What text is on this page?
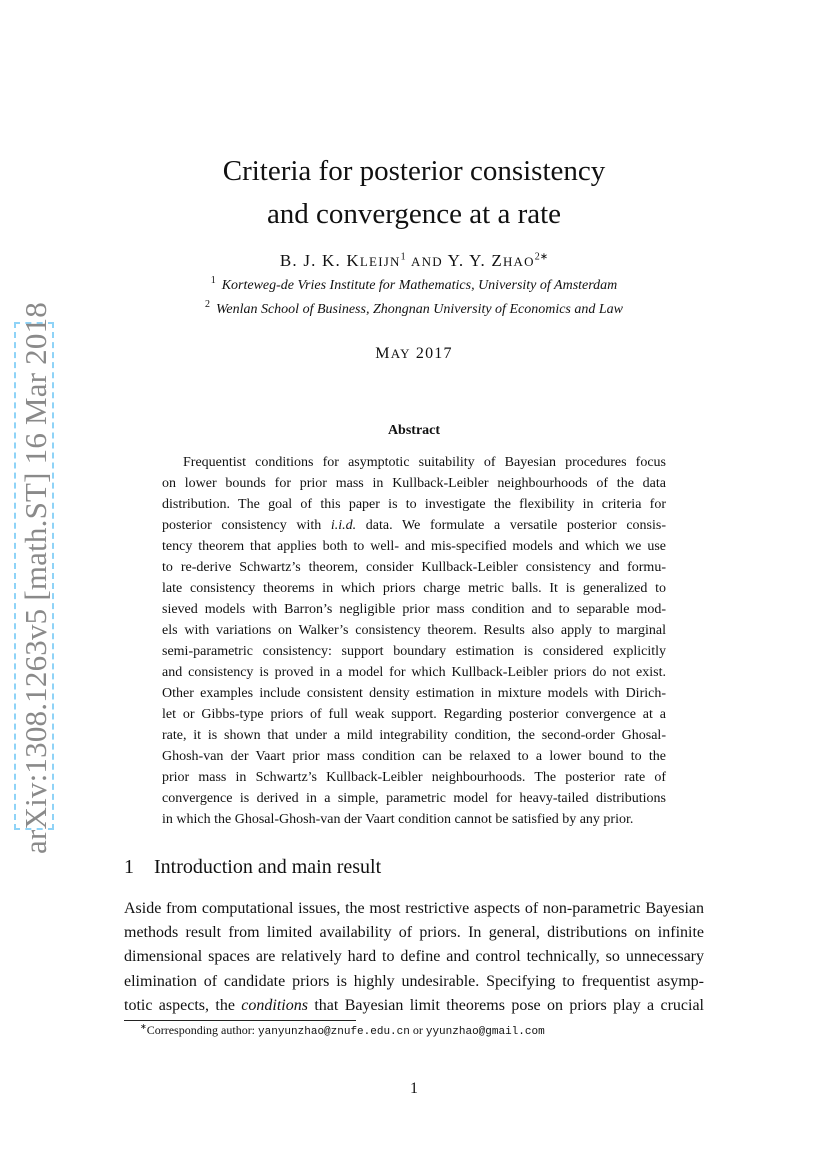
arXiv:1308.1263v5 [math.ST] 16 Mar 2018
Criteria for posterior consistency
and convergence at a rate
B. J. K. KLEIJN$^1$ AND Y. Y. $ZHAO^{2∗}$
$^1$ Korteweg-de Vries Institute for Mathematics, University of Amsterdam
$^2$ Wenlan School of Business, Zhongnan University of Economics and Law
MAY 2017
Abstract
Frequentist conditions for asymptotic suitability of Bayesian procedures focus
on lower bounds for prior mass in Kullback-Leibler neighbourhoods of the data
distribution. The goal of this paper is to investigate the flexibility in criteria for
posterior consistency with i.i.d. data. We formulate a versatile posterior consis-
tency theorem that applies both to well- and mis-specified models and which we use
to re-derive Schwartz’s theorem, consider Kullback-Leibler consistency and formu-
late consistency theorems in which priors charge metric balls. It is generalized to
sieved models with Barron’s negligible prior mass condition and to separable mod-
els with variations on Walker’s consistency theorem. Results also apply to marginal
semi-parametric consistency: support boundary estimation is considered explicitly
and consistency is proved in a model for which Kullback-Leibler priors do not exist.
Other examples include consistent density estimation in mixture models with Dirich-
let or Gibbs-type priors of full weak support. Regarding posterior convergence at a
rate, it is shown that under a mild integrability condition, the second-order Ghosal-
Ghosh-van der Vaart prior mass condition can be relaxed to a lower bound to the
prior mass in Schwartz’s Kullback-Leibler neighbourhoods. The posterior rate of
convergence is derived in a simple, parametric model for heavy-tailed distributions
in which the Ghosal-Ghosh-van der Vaart condition cannot be satisfied by any prior.
1 Introduction and main result
Aside from computational issues, the most restrictive aspects of non-parametric Bayesian
methods result from limited availability of priors. In general, distributions on infinite
dimensional spaces are relatively hard to define and control technically, so unnecessary
elimination of candidate priors is highly undesirable. Specifying to frequentist asymp-
totic aspects, the conditions that Bayesian limit theorems pose on priors play a crucial
∗Corresponding author: yanyunzhao@znufe.edu.cn or yyunzhao@gmail.com
1
